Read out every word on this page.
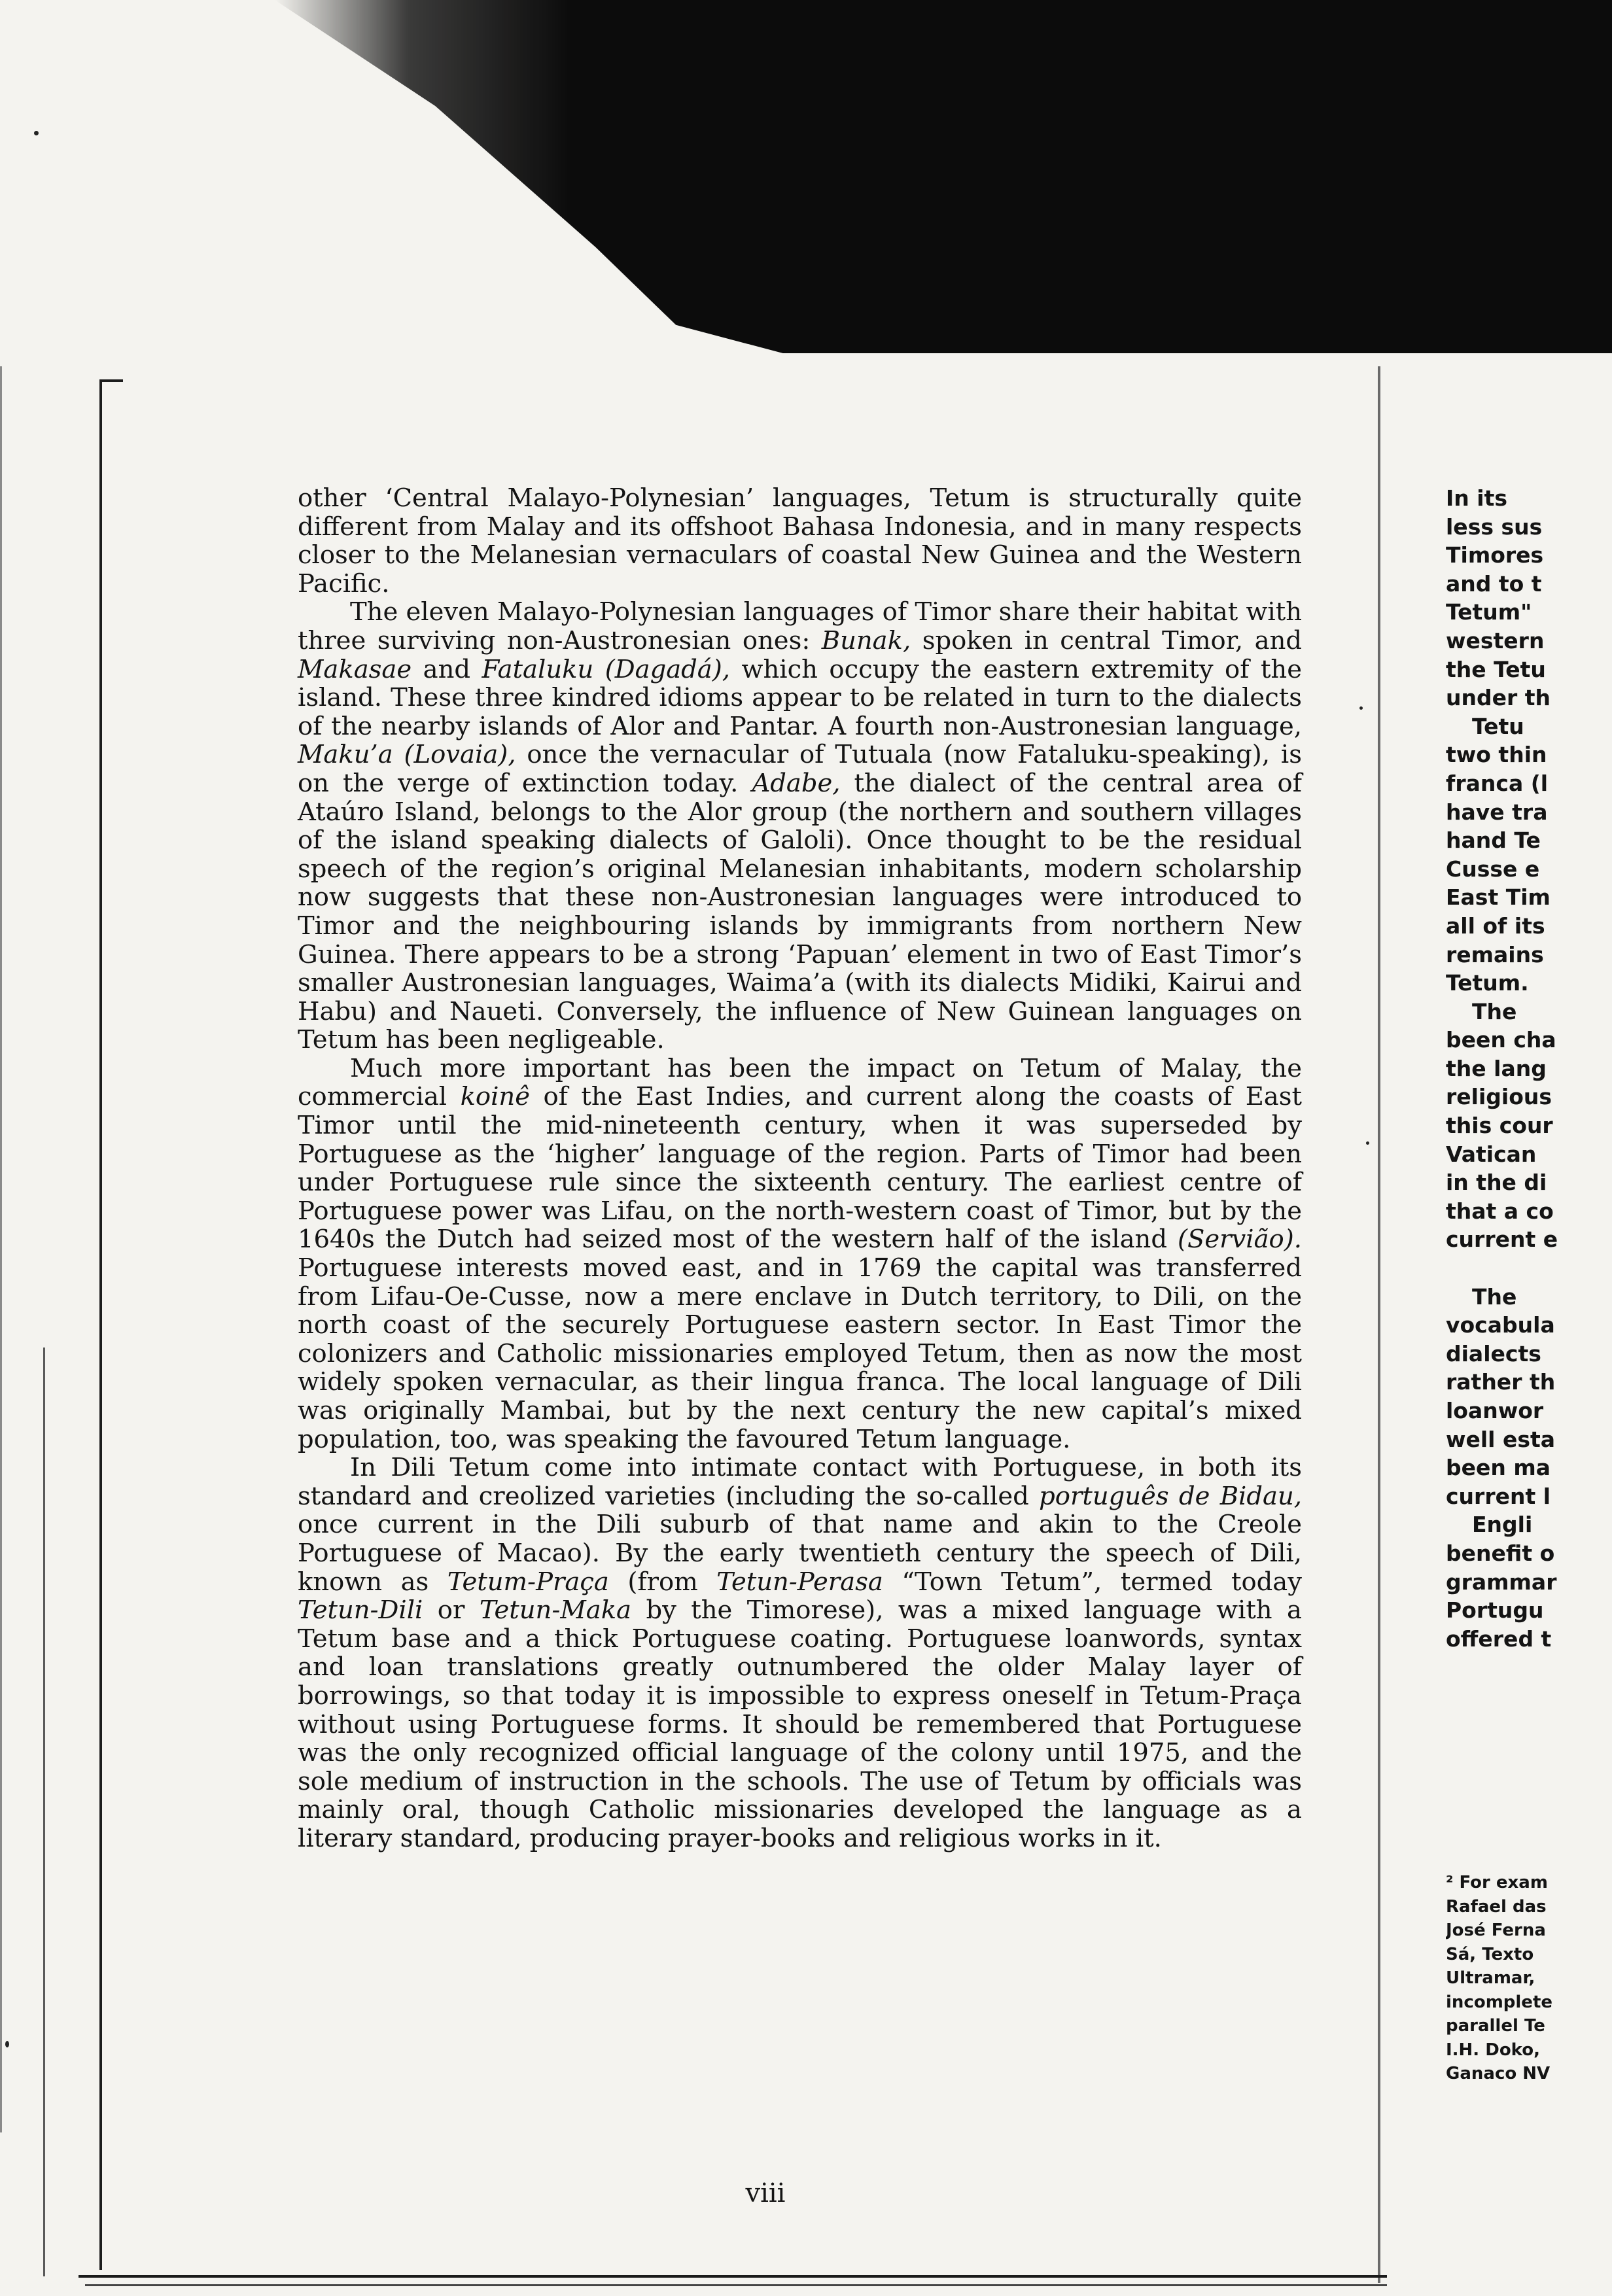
other ‘Central Malayo-Polynesian’ languages, Tetum is structurally quite different from Malay and its offshoot Bahasa Indonesia, and in many respects closer to the Melanesian vernaculars of coastal New Guinea and the Western Pacific.

The eleven Malayo-Polynesian languages of Timor share their habitat with three surviving non-Austronesian ones: Bunak, spoken in central Timor, and Makasae and Fataluku (Dagadá), which occupy the eastern extremity of the island. These three kindred idioms appear to be related in turn to the dialects of the nearby islands of Alor and Pantar. A fourth non-Austronesian language, Maku’a (Lovaia), once the vernacular of Tutuala (now Fataluku-speaking), is on the verge of extinction today. Adabe, the dialect of the central area of Ataúro Island, belongs to the Alor group (the northern and southern villages of the island speaking dialects of Galoli). Once thought to be the residual speech of the region’s original Melanesian inhabitants, modern scholarship now suggests that these non-Austronesian languages were introduced to Timor and the neighbouring islands by immigrants from northern New Guinea. There appears to be a strong ‘Papuan’ element in two of East Timor’s smaller Austronesian languages, Waima’a (with its dialects Midiki, Kairui and Habu) and Naueti. Conversely, the influence of New Guinean languages on Tetum has been negligeable.

Much more important has been the impact on Tetum of Malay, the commercial koinê of the East Indies, and current along the coasts of East Timor until the mid-nineteenth century, when it was superseded by Portuguese as the ‘higher’ language of the region. Parts of Timor had been under Portuguese rule since the sixteenth century. The earliest centre of Portuguese power was Lifau, on the north-western coast of Timor, but by the 1640s the Dutch had seized most of the western half of the island (Servião). Portuguese interests moved east, and in 1769 the capital was transferred from Lifau-Oe-Cusse, now a mere enclave in Dutch territory, to Dili, on the north coast of the securely Portuguese eastern sector. In East Timor the colonizers and Catholic missionaries employed Tetum, then as now the most widely spoken vernacular, as their lingua franca. The local language of Dili was originally Mambai, but by the next century the new capital’s mixed population, too, was speaking the favoured Tetum language.

In Dili Tetum come into intimate contact with Portuguese, in both its standard and creolized varieties (including the so-called português de Bidau, once current in the Dili suburb of that name and akin to the Creole Portuguese of Macao). By the early twentieth century the speech of Dili, known as Tetum-Praça (from Tetun-Perasa “Town Tetum”, termed today Tetun-Dili or Tetun-Maka by the Timorese), was a mixed language with a Tetum base and a thick Portuguese coating. Portuguese loanwords, syntax and loan translations greatly outnumbered the older Malay layer of borrowings, so that today it is impossible to express oneself in Tetum-Praça without using Portuguese forms. It should be remembered that Portuguese was the only recognized official language of the colony until 1975, and the sole medium of instruction in the schools. The use of Tetum by officials was mainly oral, though Catholic missionaries developed the language as a literary standard, producing prayer-books and religious works in it.

viii
In its
less sus
Timores
and to t
Tetum"
western
the Tetu
under th
Tetu
two thin
franca (l
have tra
hand Te
Cusse e
East Tim
all of its
remains
Tetum.
The
been cha
the lang
religious
this cour
Vatican
in the di
that a co
current e
The
vocabula
dialects
rather th
loanwor
well esta
been ma
current l
Engli
benefit o
grammar
Portugu
offered t
² For exam
Rafael das
José Ferna
Sá, Texto
Ultramar,
incomplete
parallel Te
I.H. Doko,
Ganaco NV
